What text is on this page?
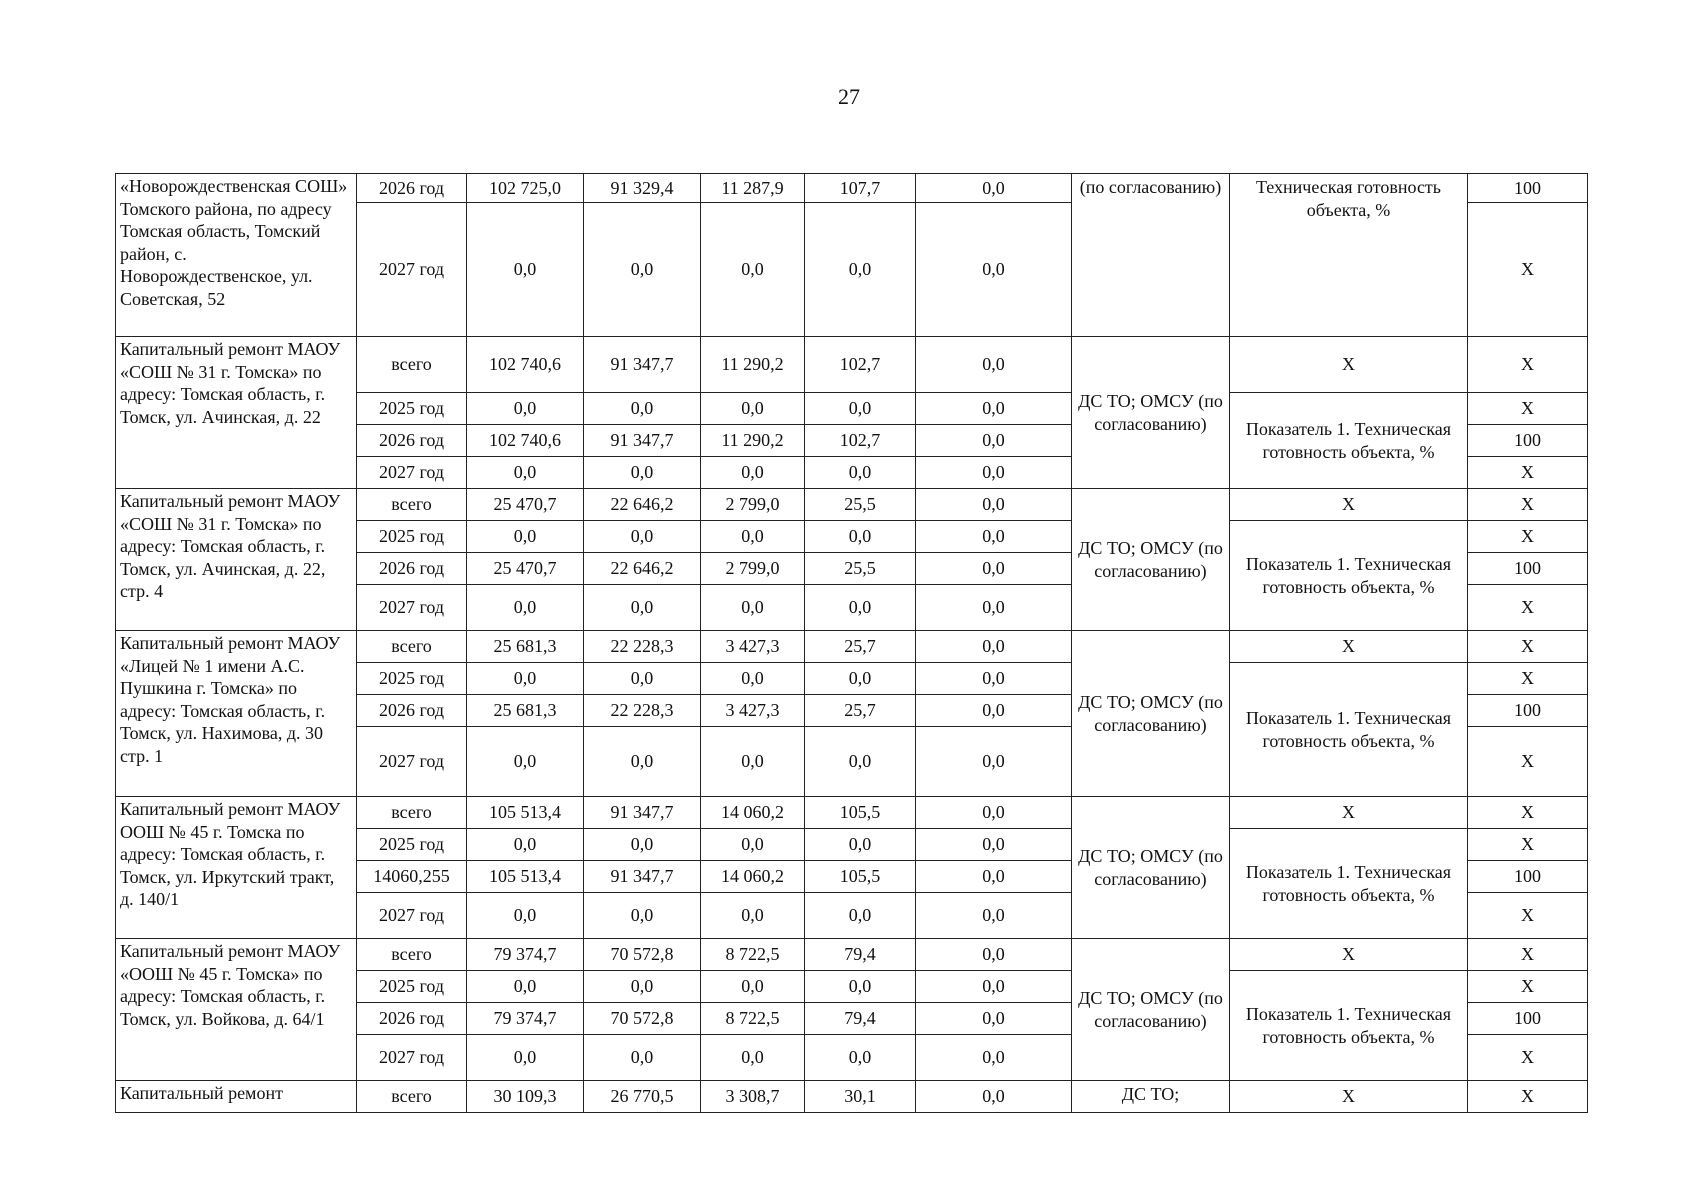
27
«Новорождественская СОШ» Томского района, по адресу Томская область, Томский район, с. Новорождественское, ул. Советская, 52	2026 год	102 725,0	91 329,4	11 287,9	107,7	0,0	(по согласованию)	Техническая готовность объекта, %	100
	2027 год	0,0	0,0	0,0	0,0	0,0			X
Капитальный ремонт МАОУ «СОШ № 31 г. Томска» по адресу: Томская область, г. Томск, ул. Ачинская, д. 22	всего	102 740,6	91 347,7	11 290,2	102,7	0,0	ДС ТО; ОМСУ (по согласованию)	X	X
	2025 год	0,0	0,0	0,0	0,0	0,0		Показатель 1. Техническая готовность объекта, %	X
	2026 год	102 740,6	91 347,7	11 290,2	102,7	0,0			100
	2027 год	0,0	0,0	0,0	0,0	0,0			X
Капитальный ремонт МАОУ «СОШ № 31 г. Томска» по адресу: Томская область, г. Томск, ул. Ачинская, д. 22, стр. 4	всего	25 470,7	22 646,2	2 799,0	25,5	0,0	ДС ТО; ОМСУ (по согласованию)	X	X
	2025 год	0,0	0,0	0,0	0,0	0,0		Показатель 1. Техническая готовность объекта, %	X
	2026 год	25 470,7	22 646,2	2 799,0	25,5	0,0			100
	2027 год	0,0	0,0	0,0	0,0	0,0			X
Капитальный ремонт МАОУ «Лицей № 1 имени А.С. Пушкина г. Томска» по адресу: Томская область, г. Томск, ул. Нахимова, д. 30 стр. 1	всего	25 681,3	22 228,3	3 427,3	25,7	0,0	ДС ТО; ОМСУ (по согласованию)	X	X
	2025 год	0,0	0,0	0,0	0,0	0,0		Показатель 1. Техническая готовность объекта, %	X
	2026 год	25 681,3	22 228,3	3 427,3	25,7	0,0			100
	2027 год	0,0	0,0	0,0	0,0	0,0			X
Капитальный ремонт МАОУ ООШ № 45 г. Томска по адресу: Томская область, г. Томск, ул. Иркутский тракт, д. 140/1	всего	105 513,4	91 347,7	14 060,2	105,5	0,0	ДС ТО; ОМСУ (по согласованию)	X	X
	2025 год	0,0	0,0	0,0	0,0	0,0		Показатель 1. Техническая готовность объекта, %	X
	14060,255	105 513,4	91 347,7	14 060,2	105,5	0,0			100
	2027 год	0,0	0,0	0,0	0,0	0,0			X
Капитальный ремонт МАОУ «ООШ № 45 г. Томска» по адресу: Томская область, г. Томск, ул. Войкова, д. 64/1	всего	79 374,7	70 572,8	8 722,5	79,4	0,0	ДС ТО; ОМСУ (по согласованию)	X	X
	2025 год	0,0	0,0	0,0	0,0	0,0		Показатель 1. Техническая готовность объекта, %	X
	2026 год	79 374,7	70 572,8	8 722,5	79,4	0,0			100
	2027 год	0,0	0,0	0,0	0,0	0,0			X
Капитальный ремонт	всего	30 109,3	26 770,5	3 308,7	30,1	0,0	ДС ТО;	X	X
